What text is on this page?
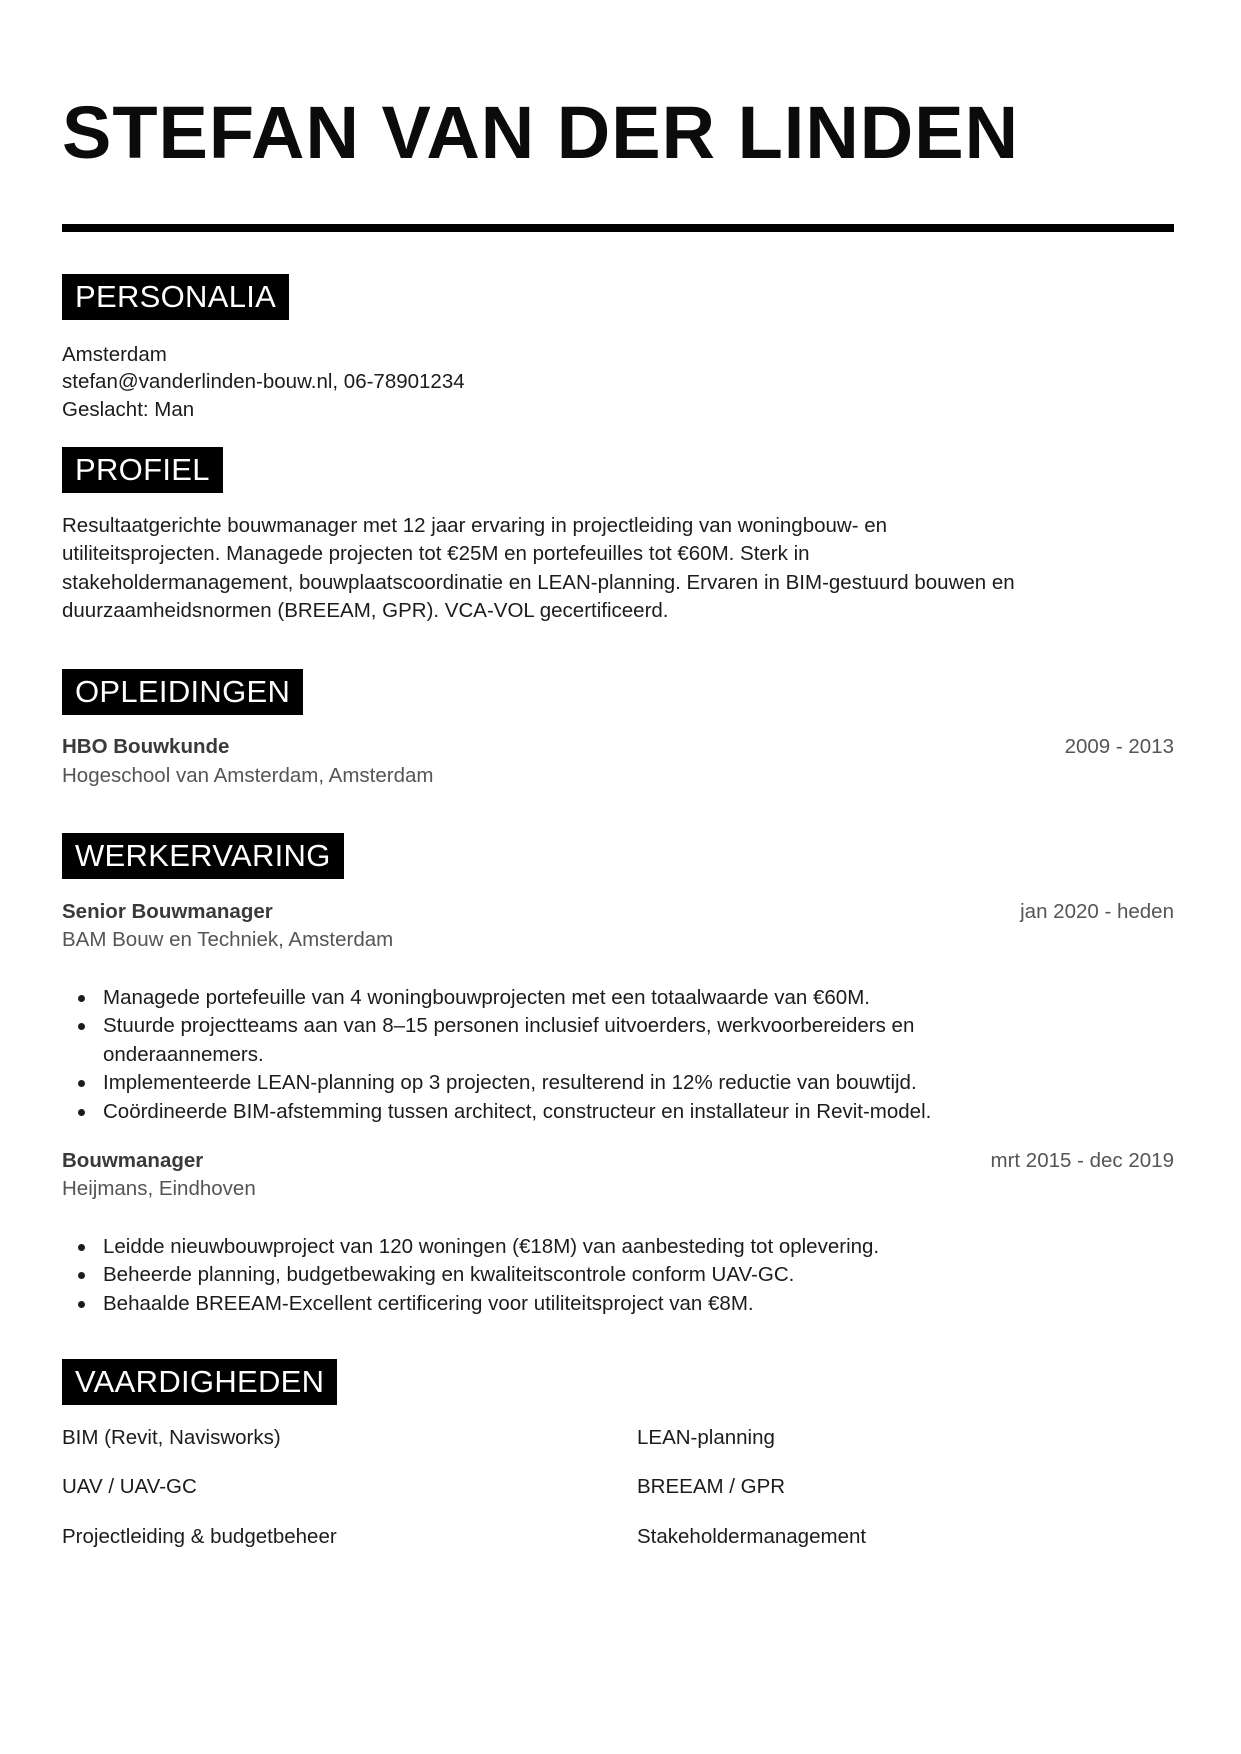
STEFAN VAN DER LINDEN
PERSONALIA
Amsterdam
stefan@vanderlinden-bouw.nl, 06-78901234
Geslacht: Man
PROFIEL
Resultaatgerichte bouwmanager met 12 jaar ervaring in projectleiding van woningbouw- en
utiliteitsprojecten. Managede projecten tot €25M en portefeuilles tot €60M. Sterk in
stakeholdermanagement, bouwplaatscoordinatie en LEAN-planning. Ervaren in BIM-gestuurd bouwen en
duurzaamheidsnormen (BREEAM, GPR). VCA-VOL gecertificeerd.
OPLEIDINGEN
HBO Bouwkunde	2009 - 2013
Hogeschool van Amsterdam, Amsterdam
WERKERVARING
Senior Bouwmanager	jan 2020 - heden
BAM Bouw en Techniek, Amsterdam
Managede portefeuille van 4 woningbouwprojecten met een totaalwaarde van €60M.
Stuurde projectteams aan van 8–15 personen inclusief uitvoerders, werkvoorbereiders en
onderaannemers.
Implementeerde LEAN-planning op 3 projecten, resulterend in 12% reductie van bouwtijd.
Coördineerde BIM-afstemming tussen architect, constructeur en installateur in Revit-model.
Bouwmanager	mrt 2015 - dec 2019
Heijmans, Eindhoven
Leidde nieuwbouwproject van 120 woningen (€18M) van aanbesteding tot oplevering.
Beheerde planning, budgetbewaking en kwaliteitscontrole conform UAV-GC.
Behaalde BREEAM-Excellent certificering voor utiliteitsproject van €8M.
VAARDIGHEDEN
BIM (Revit, Navisworks)	LEAN-planning
UAV / UAV-GC	BREEAM / GPR
Projectleiding & budgetbeheer	Stakeholdermanagement
